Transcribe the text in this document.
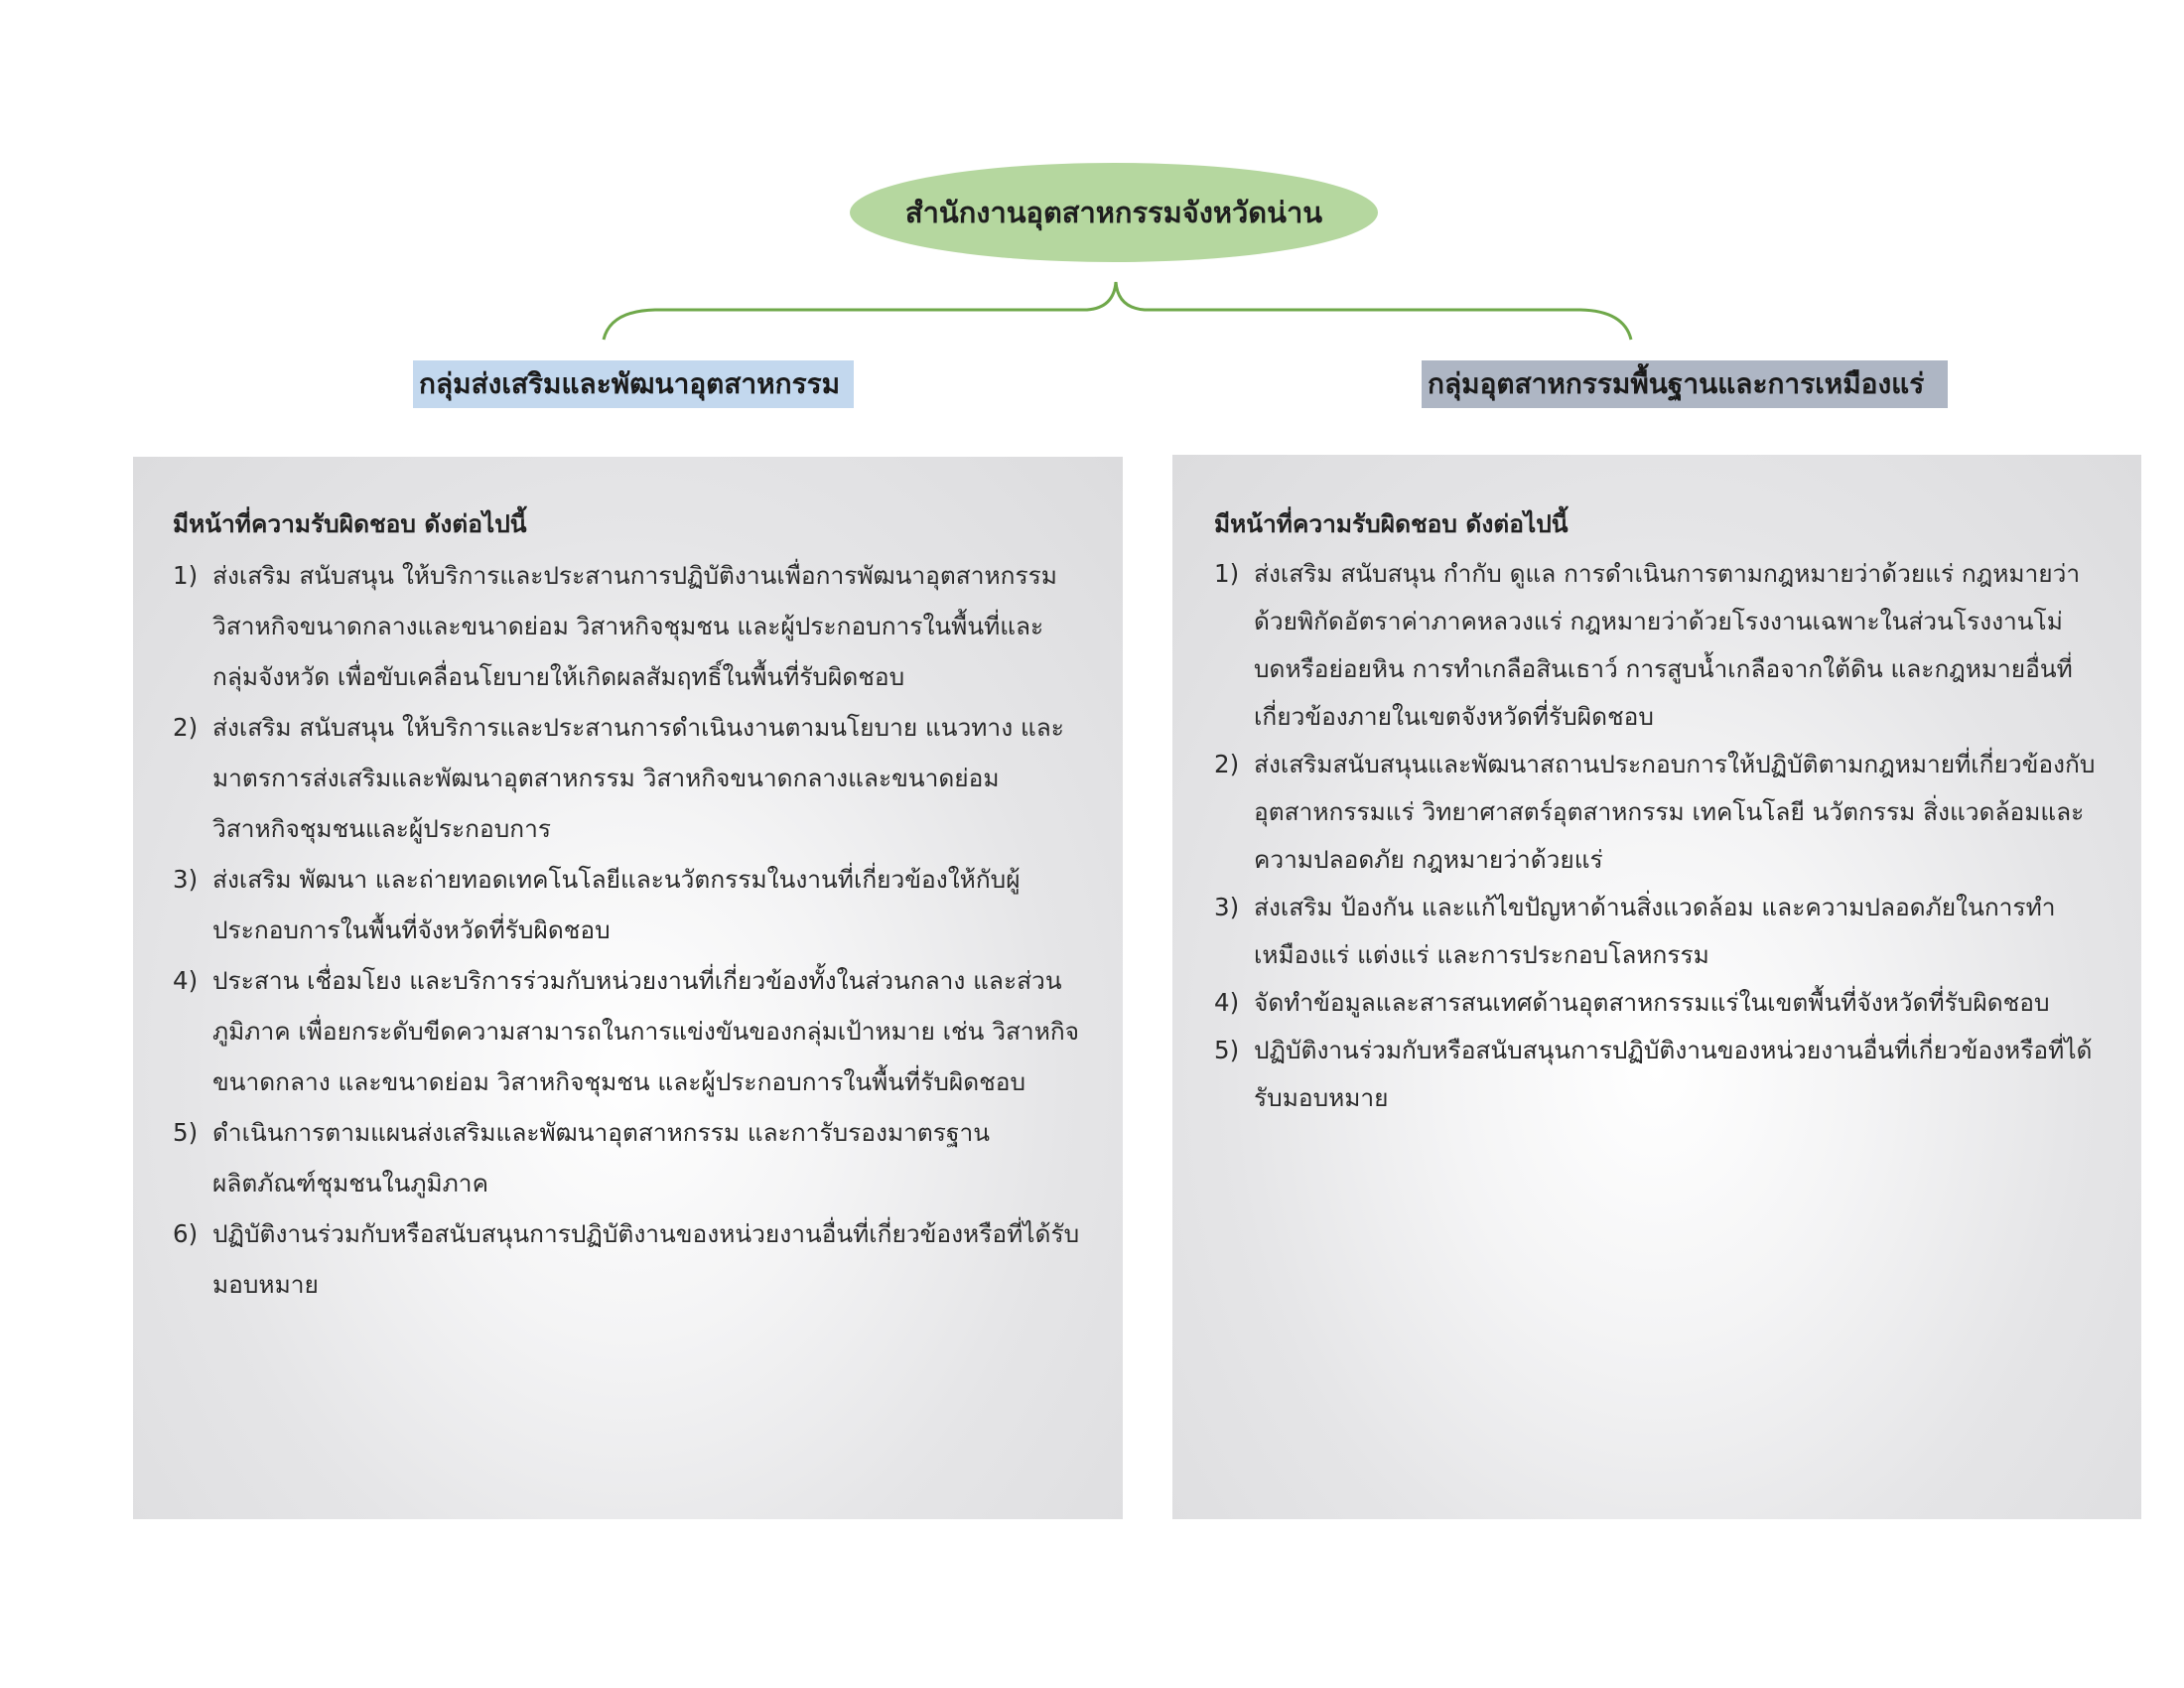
สำนักงานอุตสาหกรรมจังหวัดน่าน
กลุ่มส่งเสริมและพัฒนาอุตสาหกรรม	กลุ่มอุตสาหกรรมพื้นฐานและการเหมืองแร่
มีหน้าที่ความรับผิดชอบ ดังต่อไปนี้
1) ส่งเสริม สนับสนุน ให้บริการและประสานการปฏิบัติงานเพื่อการพัฒนาอุตสาหกรรม วิสาหกิจขนาดกลางและขนาดย่อม วิสาหกิจชุมชน และผู้ประกอบการในพื้นที่และกลุ่มจังหวัด เพื่อขับเคลื่อนโยบายให้เกิดผลสัมฤทธิ์ในพื้นที่รับผิดชอบ
2) ส่งเสริม สนับสนุน ให้บริการและประสานการดำเนินงานตามนโยบาย แนวทาง และมาตรการส่งเสริมและพัฒนาอุตสาหกรรม วิสาหกิจขนาดกลางและขนาดย่อม วิสาหกิจชุมชนและผู้ประกอบการ
3) ส่งเสริม พัฒนา และถ่ายทอดเทคโนโลยีและนวัตกรรมในงานที่เกี่ยวข้องให้กับผู้ประกอบการในพื้นที่จังหวัดที่รับผิดชอบ
4) ประสาน เชื่อมโยง และบริการร่วมกับหน่วยงานที่เกี่ยวข้องทั้งในส่วนกลาง และส่วนภูมิภาค เพื่อยกระดับขีดความสามารถในการแข่งขันของกลุ่มเป้าหมาย เช่น วิสาหกิจขนาดกลาง และขนาดย่อม วิสาหกิจชุมชน และผู้ประกอบการในพื้นที่รับผิดชอบ
5) ดำเนินการตามแผนส่งเสริมและพัฒนาอุตสาหกรรม และการับรองมาตรฐานผลิตภัณฑ์ชุมชนในภูมิภาค
6) ปฏิบัติงานร่วมกับหรือสนับสนุนการปฏิบัติงานของหน่วยงานอื่นที่เกี่ยวข้องหรือที่ได้รับมอบหมาย
มีหน้าที่ความรับผิดชอบ ดังต่อไปนี้
1) ส่งเสริม สนับสนุน กำกับ ดูแล การดำเนินการตามกฎหมายว่าด้วยแร่ กฎหมายว่าด้วยพิกัดอัตราค่าภาคหลวงแร่ กฎหมายว่าด้วยโรงงานเฉพาะในส่วนโรงงานโม่ บดหรือย่อยหิน การทำเกลือสินเธาว์ การสูบน้ำเกลือจากใต้ดิน และกฎหมายอื่นที่เกี่ยวข้องภายในเขตจังหวัดที่รับผิดชอบ
2) ส่งเสริมสนับสนุนและพัฒนาสถานประกอบการให้ปฏิบัติตามกฎหมายที่เกี่ยวข้องกับอุตสาหกรรมแร่ วิทยาศาสตร์อุตสาหกรรม เทคโนโลยี นวัตกรรม สิ่งแวดล้อมและความปลอดภัย กฎหมายว่าด้วยแร่
3) ส่งเสริม ป้องกัน และแก้ไขปัญหาด้านสิ่งแวดล้อม และความปลอดภัยในการทำเหมืองแร่ แต่งแร่ และการประกอบโลหกรรม
4) จัดทำข้อมูลและสารสนเทศด้านอุตสาหกรรมแร่ในเขตพื้นที่จังหวัดที่รับผิดชอบ
5) ปฏิบัติงานร่วมกับหรือสนับสนุนการปฏิบัติงานของหน่วยงานอื่นที่เกี่ยวข้องหรือที่ได้รับมอบหมาย
